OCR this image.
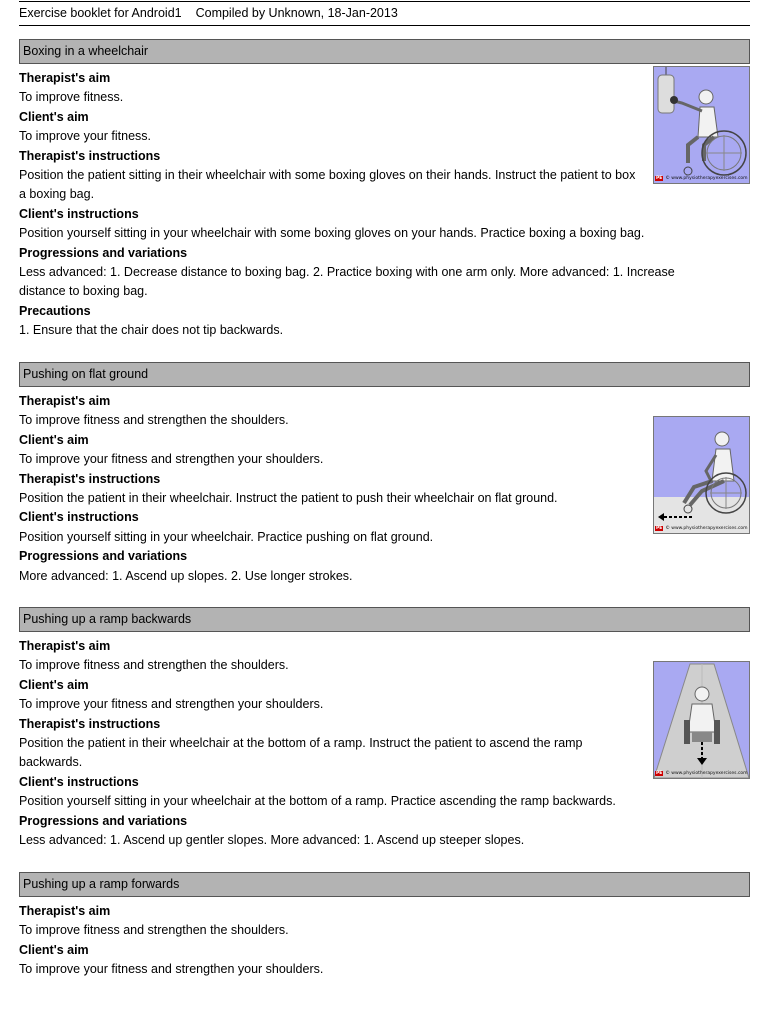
Exercise booklet for Android1 Compiled by Unknown, 18-Jan-2013
Boxing in a wheelchair
Therapist's aim
To improve fitness.
Client's aim
To improve your fitness.
Therapist's instructions
Position the patient sitting in their wheelchair with some boxing gloves on their hands. Instruct the patient to box a boxing bag.
Client's instructions
Position yourself sitting in your wheelchair with some boxing gloves on your hands. Practice boxing a boxing bag.
Progressions and variations
Less advanced: 1. Decrease distance to boxing bag. 2. Practice boxing with one arm only. More advanced: 1. Increase distance to boxing bag.
Precautions
1. Ensure that the chair does not tip backwards.
PE © www.physiotherapyexercises.com
Pushing on flat ground
Therapist's aim
To improve fitness and strengthen the shoulders.
Client's aim
To improve your fitness and strengthen your shoulders.
Therapist's instructions
Position the patient in their wheelchair. Instruct the patient to push their wheelchair on flat ground.
Client's instructions
Position yourself sitting in your wheelchair. Practice pushing on flat ground.
Progressions and variations
More advanced: 1. Ascend up slopes. 2. Use longer strokes.
PE © www.physiotherapyexercises.com
Pushing up a ramp backwards
Therapist's aim
To improve fitness and strengthen the shoulders.
Client's aim
To improve your fitness and strengthen your shoulders.
Therapist's instructions
Position the patient in their wheelchair at the bottom of a ramp. Instruct the patient to ascend the ramp backwards.
Client's instructions
Position yourself sitting in your wheelchair at the bottom of a ramp. Practice ascending the ramp backwards.
Progressions and variations
Less advanced: 1. Ascend up gentler slopes. More advanced: 1. Ascend up steeper slopes.
PE © www.physiotherapyexercises.com
Pushing up a ramp forwards
Therapist's aim
To improve fitness and strengthen the shoulders.
Client's aim
To improve your fitness and strengthen your shoulders.
